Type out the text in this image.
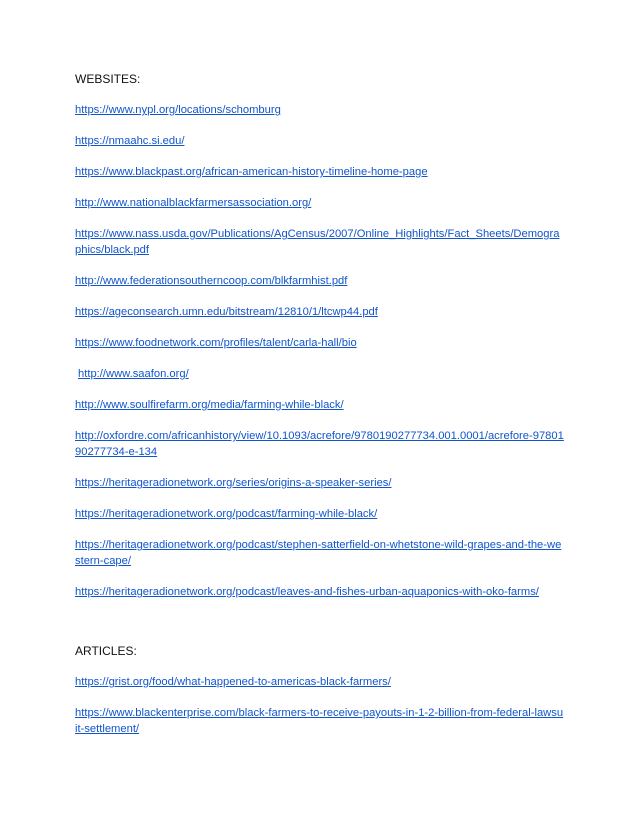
WEBSITES:
https://www.nypl.org/locations/schomburg
https://nmaahc.si.edu/
https://www.blackpast.org/african-american-history-timeline-home-page
http://www.nationalblackfarmersassociation.org/
https://www.nass.usda.gov/Publications/AgCensus/2007/Online_Highlights/Fact_Sheets/Demographics/black.pdf
http://www.federationsoutherncoop.com/blkfarmhist.pdf
https://ageconsearch.umn.edu/bitstream/12810/1/ltcwp44.pdf
https://www.foodnetwork.com/profiles/talent/carla-hall/bio
http://www.saafon.org/
http://www.soulfirefarm.org/media/farming-while-black/
http://oxfordre.com/africanhistory/view/10.1093/acrefore/9780190277734.001.0001/acrefore-9780190277734-e-134
https://heritageradionetwork.org/series/origins-a-speaker-series/
https://heritageradionetwork.org/podcast/farming-while-black/
https://heritageradionetwork.org/podcast/stephen-satterfield-on-whetstone-wild-grapes-and-the-western-cape/
https://heritageradionetwork.org/podcast/leaves-and-fishes-urban-aquaponics-with-oko-farms/
ARTICLES:
https://grist.org/food/what-happened-to-americas-black-farmers/
https://www.blackenterprise.com/black-farmers-to-receive-payouts-in-1-2-billion-from-federal-lawsuit-settlement/
